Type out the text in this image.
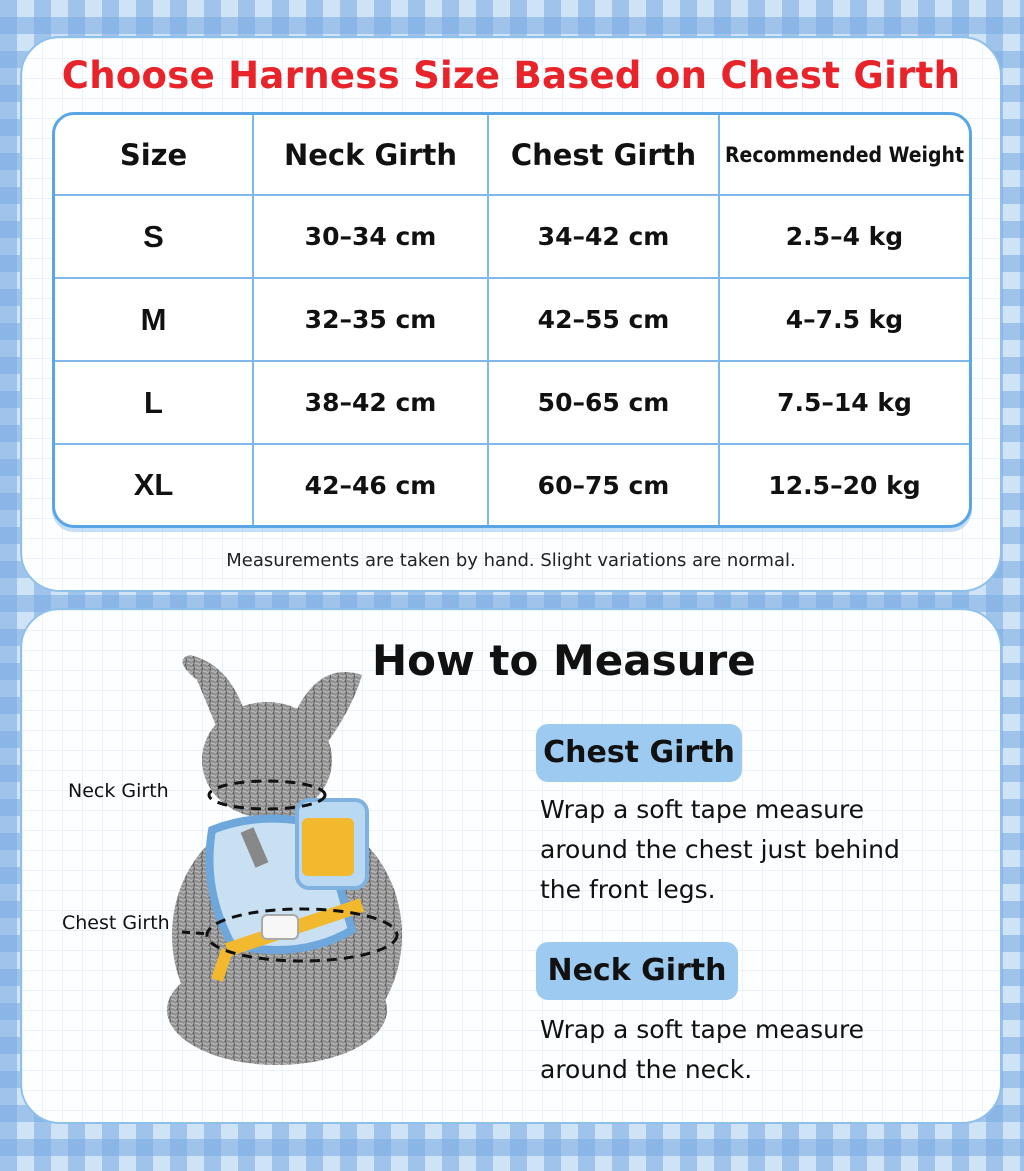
Choose Harness Size Based on Chest Girth
Size	Neck Girth	Chest Girth	Recommended Weight
S	30–34 cm	34–42 cm	2.5–4 kg
M	32–35 cm	42–55 cm	4–7.5 kg
L	38–42 cm	50–65 cm	7.5–14 kg
XL	42–46 cm	60–75 cm	12.5–20 kg
Measurements are taken by hand. Slight variations are normal.
How to Measure
Neck Girth
Chest Girth
Chest Girth
Wrap a soft tape measure
around the chest just behind
the front legs.
Neck Girth
Wrap a soft tape measure
around the neck.
